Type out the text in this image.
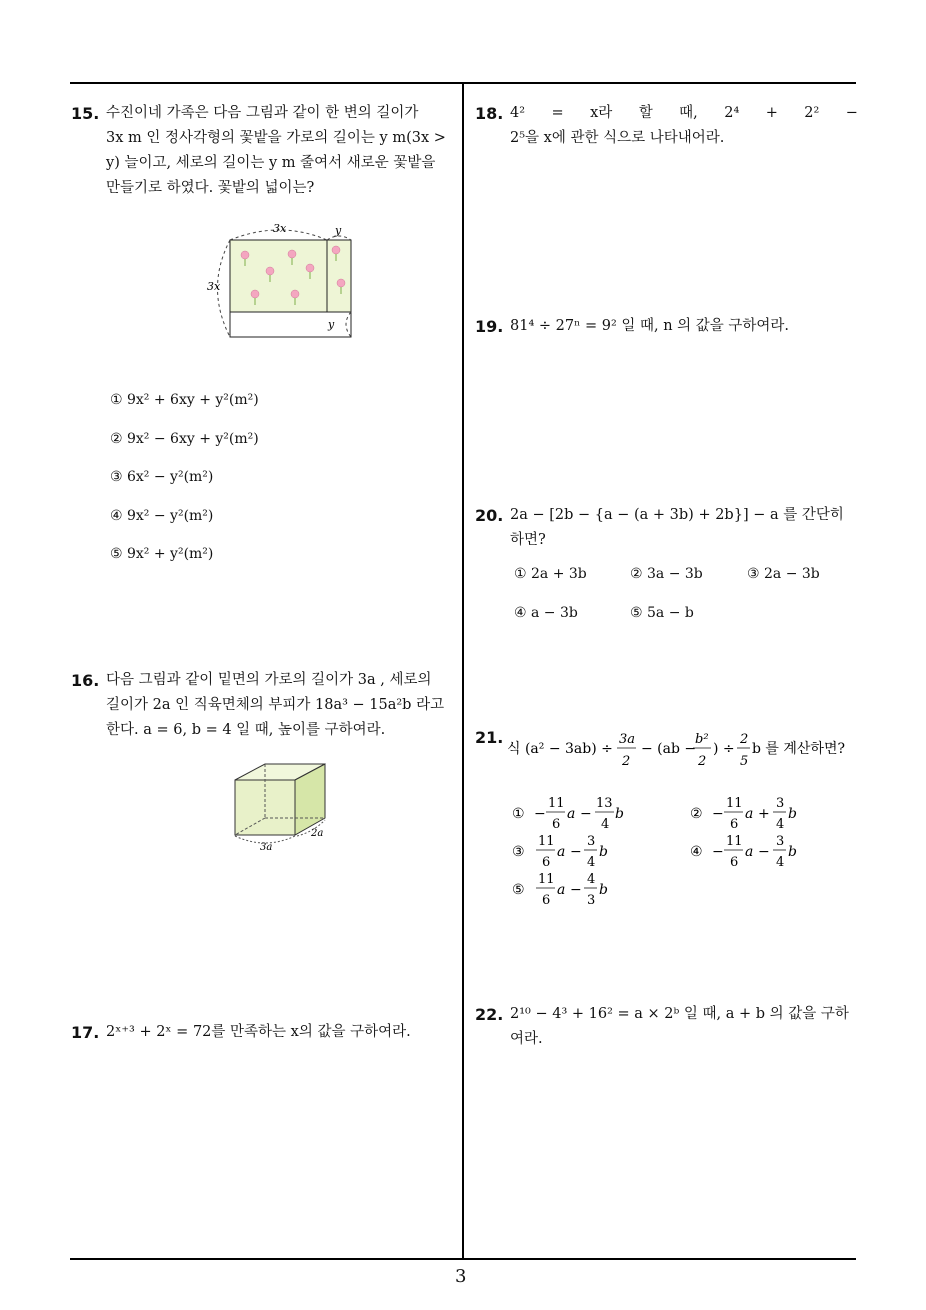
3
15. 수진이네 가족은 다음 그림과 같이 한 변의 길이가
3x m 인 정사각형의 꽃밭을 가로의 길이는 y m(3x >
y) 늘이고, 세로의 길이는 y m 줄여서 새로운 꽃밭을
만들기로 하였다. 꽃밭의 넓이는?
3x	y
3x
y
① 9x² + 6xy + y²(m²)
② 9x² − 6xy + y²(m²)
③ 6x² − y²(m²)
④ 9x² − y²(m²)
⑤ 9x² + y²(m²)
16. 다음 그림과 같이 밑면의 가로의 길이가 3a , 세로의
길이가 2a 인 직육면체의 부피가 18a³ − 15a²b 라고
한다. a = 6, b = 4 일 때, 높이를 구하여라.
3a
2a
17. 2ˣ⁺³ + 2ˣ = 72를 만족하는 x의 값을 구하여라.
18. 4² = x라 할 때, 2⁴ + 2² −
2⁵을 x에 관한 식으로 나타내어라.
19. 81⁴ ÷ 27ⁿ = 9² 일 때, n 의 값을 구하여라.
20. 2a − [2b − {a − (a + 3b) + 2b}] − a 를 간단히 하면?
① 2a + 3b	② 3a − 3b	③ 2a − 3b
④ a − 3b	⑤ 5a − b
21.
식 (a² − 3ab) ÷
3a
2
− (ab −
b²
2
) ÷
2
5
b 를 계산하면?
① −
11
6
a −
13
4
b	② −
11
6
a +
3
4
b
③
11
6
a −
3
4
b	④ −
11
6
a −
3
4
b
⑤
11
6
a −
4
3
b
22. 2¹⁰ − 4³ + 16² = a × 2ᵇ 일 때, a + b 의 값을 구하여라.
